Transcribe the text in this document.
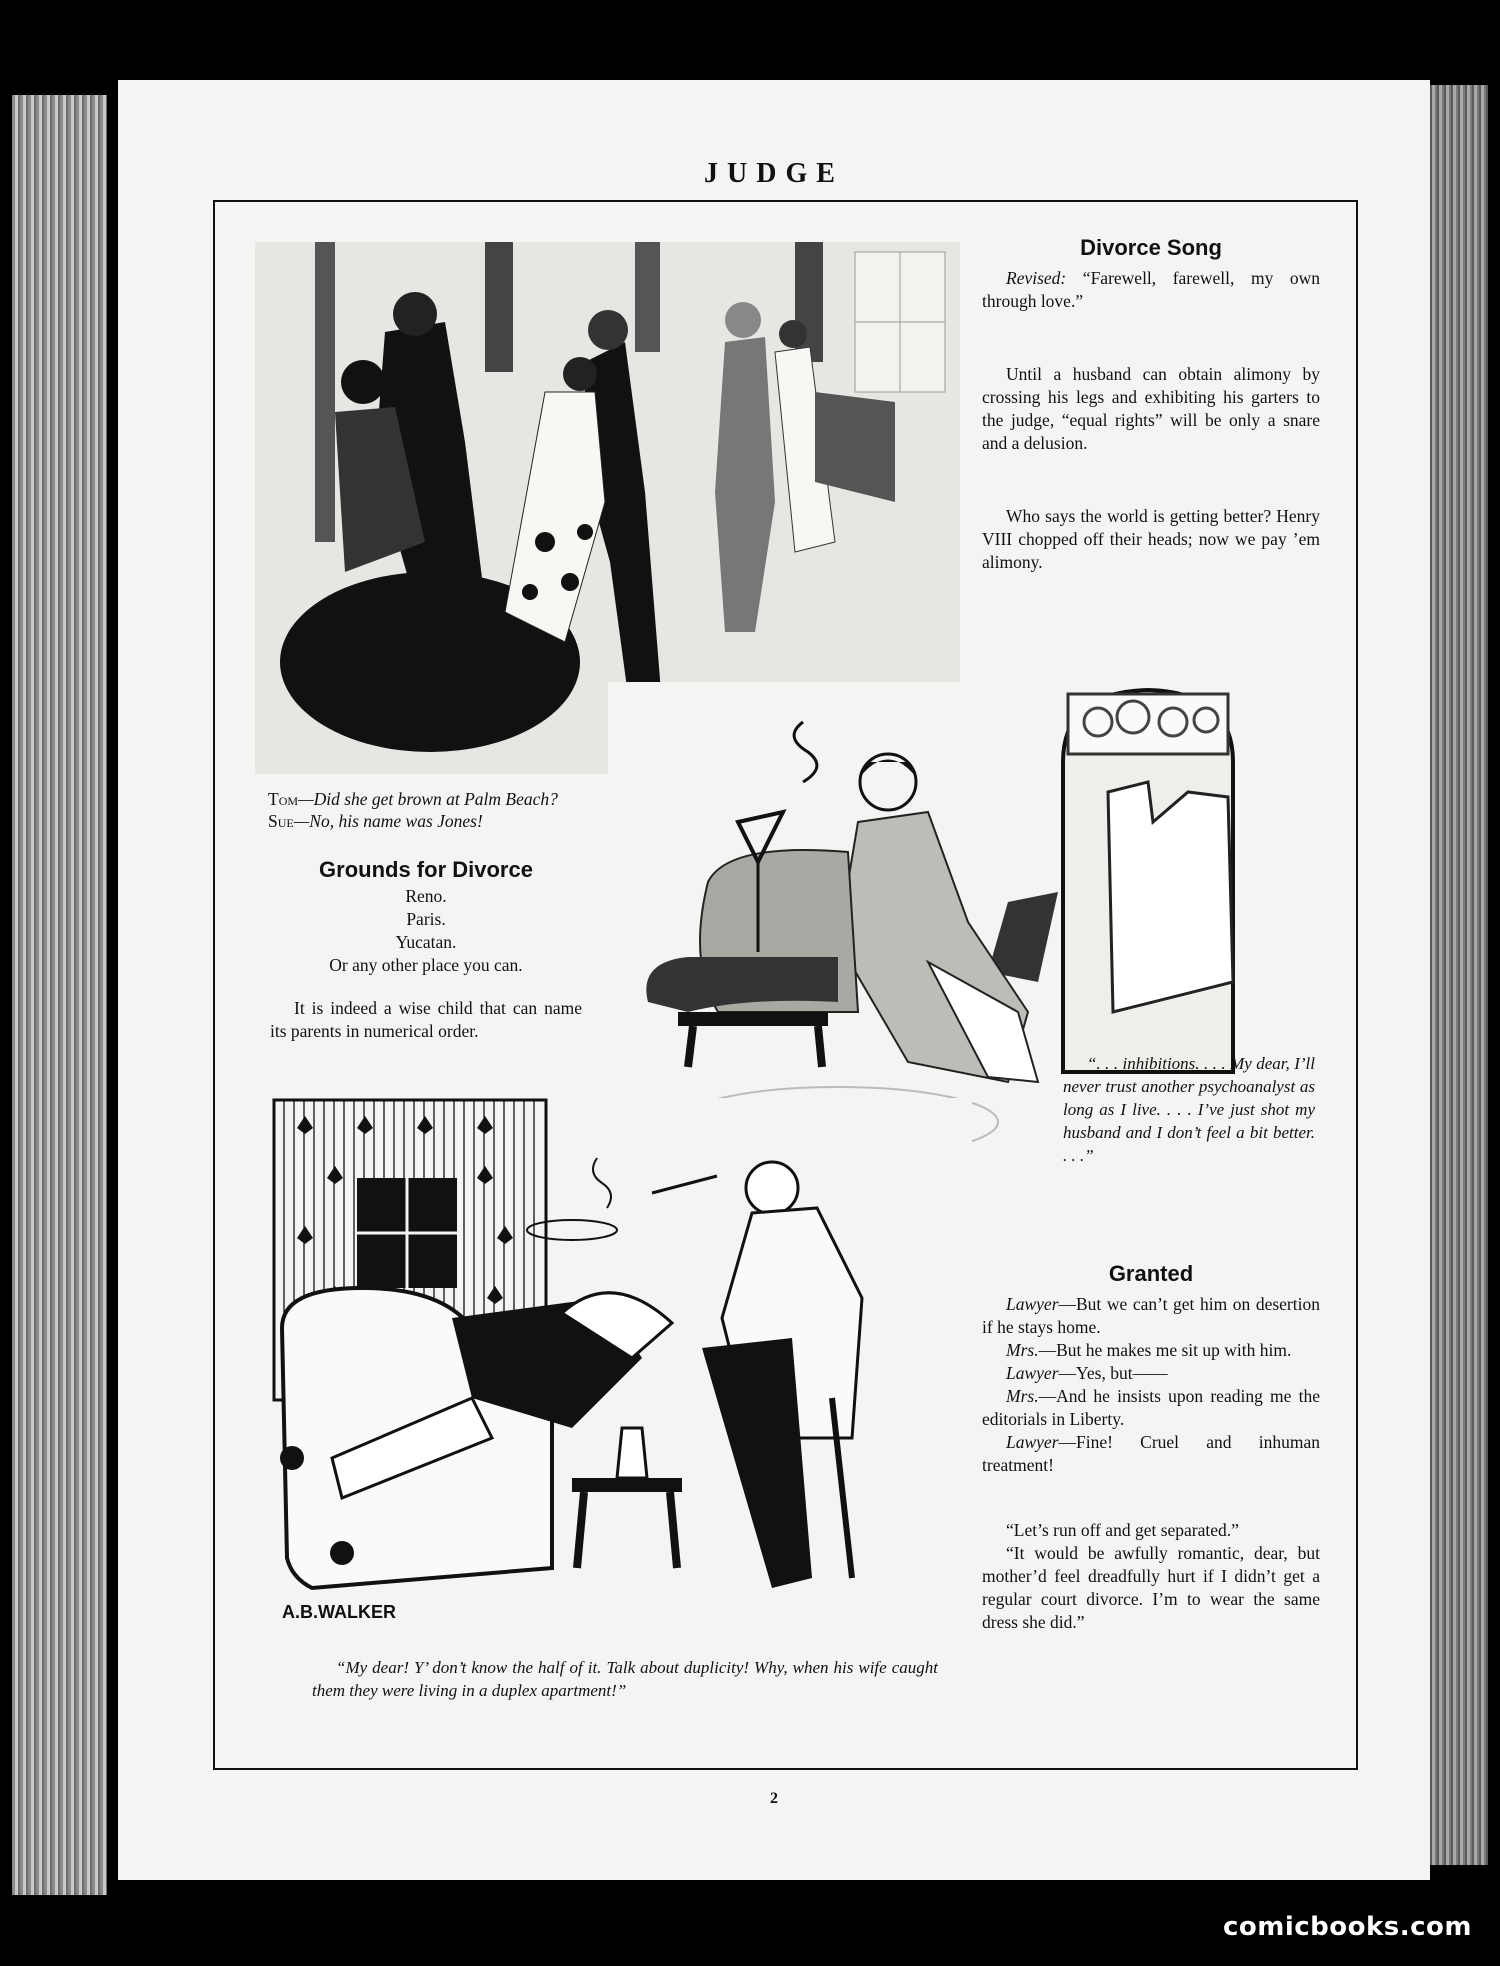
JUDGE
2

Tom—Did she get brown at Palm Beach?

Sue—No, his name was Jones!

Divorce Song

Revised: “Farewell, farewell, my own through love.”

Until a husband can obtain alimony by crossing his legs and exhibiting his garters to the judge, “equal rights” will be only a snare and a delusion.

Who says the world is getting better? Henry VIII chopped off their heads; now we pay ’em alimony.

Grounds for Divorce

Reno.

Paris.

Yucatan.

Or any other place you can.

It is indeed a wise child that can name its parents in numerical order.

“. . . inhibitions. . . . My dear, I’ll never trust another psychoanalyst as long as I live. . . . I’ve just shot my husband and I don’t feel a bit better. . . .”

A.B.WALKER

“My dear! Y’ don’t know the half of it. Talk about duplicity! Why, when his wife caught them they were living in a duplex apartment!”

Granted

Lawyer—But we can’t get him on desertion if he stays home.

Mrs.—But he makes me sit up with him.

Lawyer—Yes, but——

Mrs.—And he insists upon reading me the editorials in Liberty.

Lawyer—Fine! Cruel and inhuman treatment!

“Let’s run off and get separated.”

“It would be awfully romantic, dear, but mother’d feel dreadfully hurt if I didn’t get a regular court divorce. I’m to wear the same dress she did.”

comicbooks.com
